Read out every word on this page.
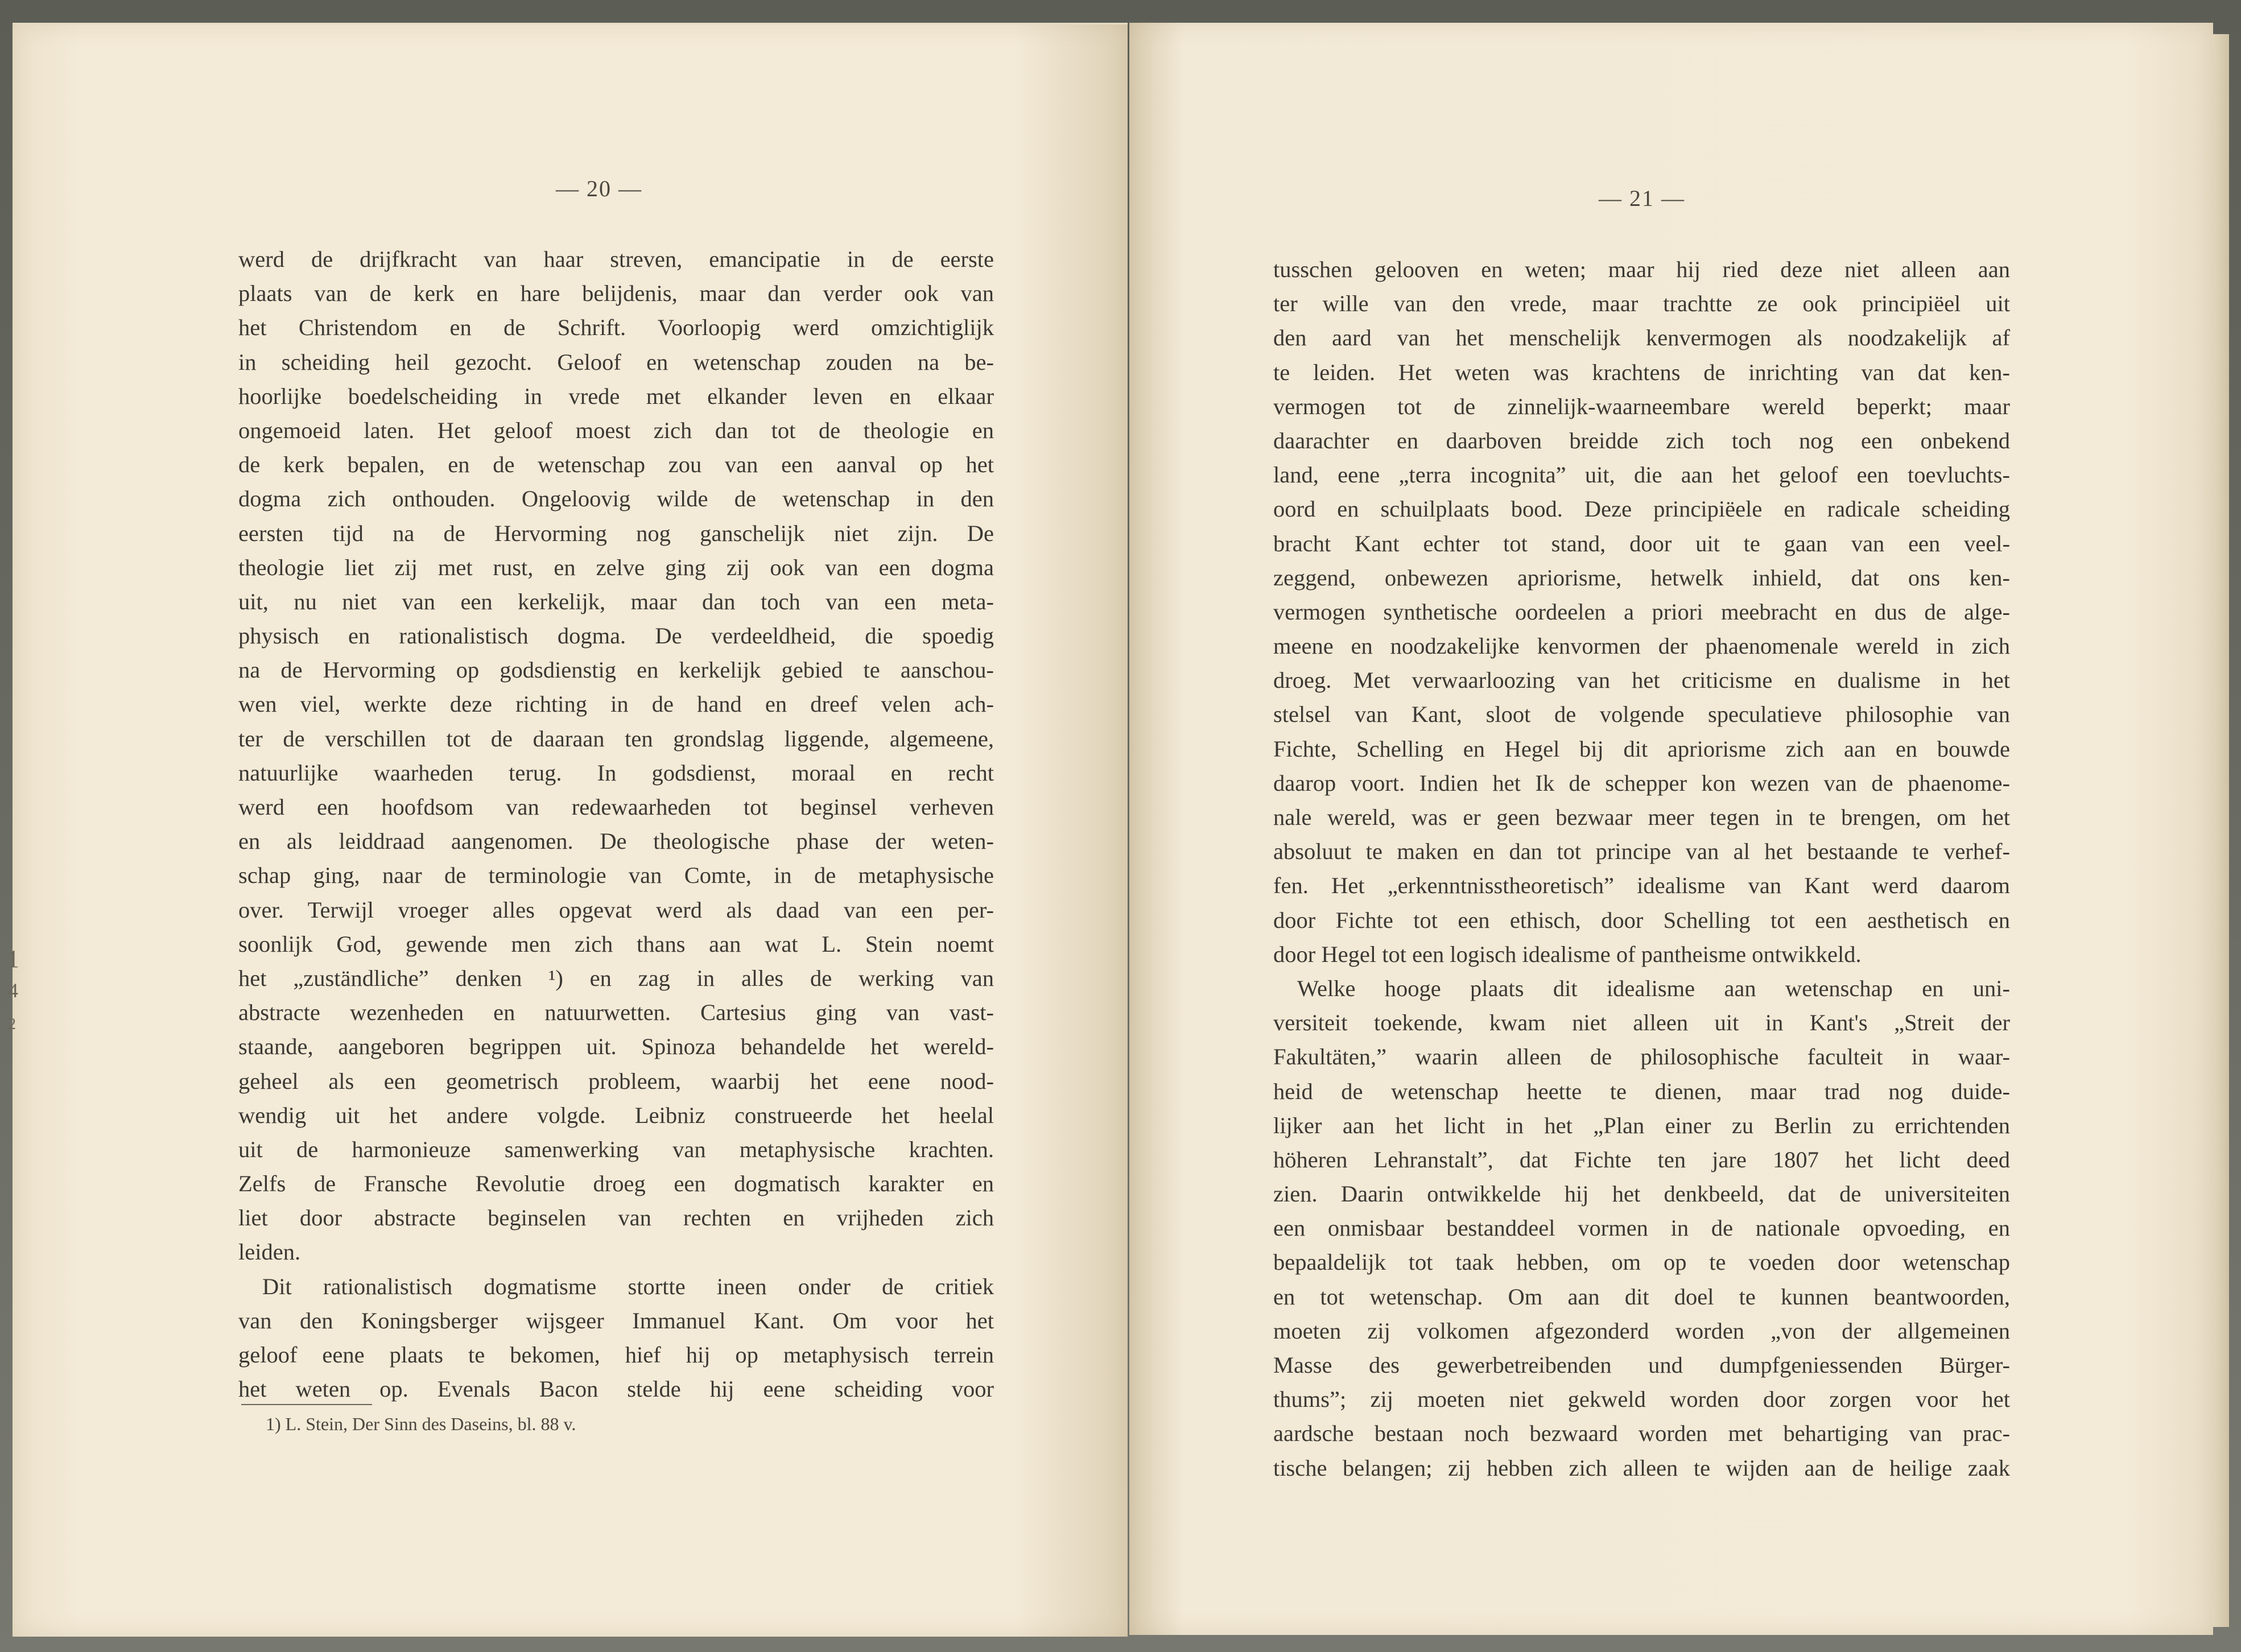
— 20 —
werd de drijfkracht van haar streven, emancipatie in de eerste
plaats van de kerk en hare belijdenis, maar dan verder ook van
het Christendom en de Schrift. Voorloopig werd omzichtiglijk
in scheiding heil gezocht. Geloof en wetenschap zouden na be-
hoorlijke boedelscheiding in vrede met elkander leven en elkaar
ongemoeid laten. Het geloof moest zich dan tot de theologie en
de kerk bepalen, en de wetenschap zou van een aanval op het
dogma zich onthouden. Ongeloovig wilde de wetenschap in den
eersten tijd na de Hervorming nog ganschelijk niet zijn. De
theologie liet zij met rust, en zelve ging zij ook van een dogma
uit, nu niet van een kerkelijk, maar dan toch van een meta-
physisch en rationalistisch dogma. De verdeeldheid, die spoedig
na de Hervorming op godsdienstig en kerkelijk gebied te aanschou-
wen viel, werkte deze richting in de hand en dreef velen ach-
ter de verschillen tot de daaraan ten grondslag liggende, algemeene,
natuurlijke waarheden terug. In godsdienst, moraal en recht
werd een hoofdsom van redewaarheden tot beginsel verheven
en als leiddraad aangenomen. De theologische phase der weten-
schap ging, naar de terminologie van Comte, in de metaphysische
over. Terwijl vroeger alles opgevat werd als daad van een per-
soonlijk God, gewende men zich thans aan wat L. Stein noemt
het „zuständliche” denken ¹) en zag in alles de werking van
abstracte wezenheden en natuurwetten. Cartesius ging van vast-
staande, aangeboren begrippen uit. Spinoza behandelde het wereld-
geheel als een geometrisch probleem, waarbij het eene nood-
wendig uit het andere volgde. Leibniz construeerde het heelal
uit de harmonieuze samenwerking van metaphysische krachten.
Zelfs de Fransche Revolutie droeg een dogmatisch karakter en
liet door abstracte beginselen van rechten en vrijheden zich
leiden.
Dit rationalistisch dogmatisme stortte ineen onder de critiek
van den Koningsberger wijsgeer Immanuel Kant. Om voor het
geloof eene plaats te bekomen, hief hij op metaphysisch terrein
het weten op. Evenals Bacon stelde hij eene scheiding voor
1) L. Stein, Der Sinn des Daseins, bl. 88 v.
— 21 —
tusschen gelooven en weten; maar hij ried deze niet alleen aan
ter wille van den vrede, maar trachtte ze ook principiëel uit
den aard van het menschelijk kenvermogen als noodzakelijk af
te leiden. Het weten was krachtens de inrichting van dat ken-
vermogen tot de zinnelijk-waarneembare wereld beperkt; maar
daarachter en daarboven breidde zich toch nog een onbekend
land, eene „terra incognita” uit, die aan het geloof een toevluchts-
oord en schuilplaats bood. Deze principiëele en radicale scheiding
bracht Kant echter tot stand, door uit te gaan van een veel-
zeggend, onbewezen apriorisme, hetwelk inhield, dat ons ken-
vermogen synthetische oordeelen a priori meebracht en dus de alge-
meene en noodzakelijke kenvormen der phaenomenale wereld in zich
droeg. Met verwaarloozing van het criticisme en dualisme in het
stelsel van Kant, sloot de volgende speculatieve philosophie van
Fichte, Schelling en Hegel bij dit apriorisme zich aan en bouwde
daarop voort. Indien het Ik de schepper kon wezen van de phaenome-
nale wereld, was er geen bezwaar meer tegen in te brengen, om het
absoluut te maken en dan tot principe van al het bestaande te verhef-
fen. Het „erkenntnisstheoretisch” idealisme van Kant werd daarom
door Fichte tot een ethisch, door Schelling tot een aesthetisch en
door Hegel tot een logisch idealisme of pantheisme ontwikkeld.
Welke hooge plaats dit idealisme aan wetenschap en uni-
versiteit toekende, kwam niet alleen uit in Kant's „Streit der
Fakultäten,” waarin alleen de philosophische faculteit in waar-
heid de wetenschap heette te dienen, maar trad nog duide-
lijker aan het licht in het „Plan einer zu Berlin zu errichtenden
höheren Lehranstalt”, dat Fichte ten jare 1807 het licht deed
zien. Daarin ontwikkelde hij het denkbeeld, dat de universiteiten
een onmisbaar bestanddeel vormen in de nationale opvoeding, en
bepaaldelijk tot taak hebben, om op te voeden door wetenschap
en tot wetenschap. Om aan dit doel te kunnen beantwoorden,
moeten zij volkomen afgezonderd worden „von der allgemeinen
Masse des gewerbetreibenden und dumpfgeniessenden Bürger-
thums”; zij moeten niet gekweld worden door zorgen voor het
aardsche bestaan noch bezwaard worden met behartiging van prac-
tische belangen; zij hebben zich alleen te wijden aan de heilige zaak
1
4
2
